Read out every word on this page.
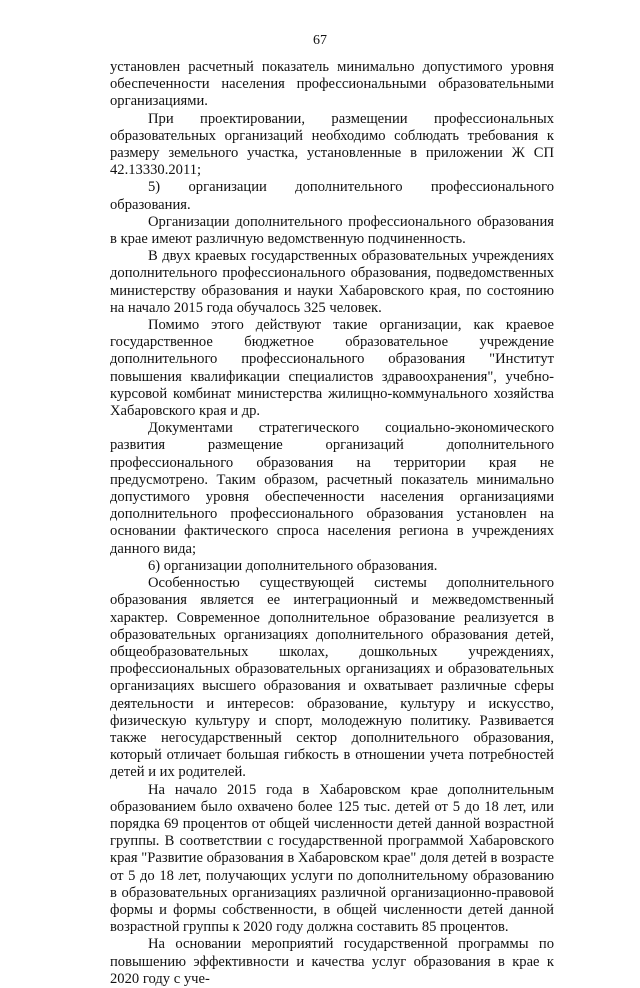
67

установлен расчетный показатель минимально допустимого уровня обеспеченности населения профессиональными образовательными организациями.

При проектировании, размещении профессиональных образовательных организаций необходимо соблюдать требования к размеру земельного участка, установленные в приложении Ж СП 42.13330.2011;

5) организации дополнительного профессионального образования.

Организации дополнительного профессионального образования в крае имеют различную ведомственную подчиненность.

В двух краевых государственных образовательных учреждениях дополнительного профессионального образования, подведомственных министерству образования и науки Хабаровского края, по состоянию на начало 2015 года обучалось 325 человек.

Помимо этого действуют такие организации, как краевое государственное бюджетное образовательное учреждение дополнительного профессионального образования "Институт повышения квалификации специалистов здравоохранения", учебно-курсовой комбинат министерства жилищно-коммунального хозяйства Хабаровского края и др.

Документами стратегического социально-экономического развития размещение организаций дополнительного профессионального образования на территории края не предусмотрено. Таким образом, расчетный показатель минимально допустимого уровня обеспеченности населения организациями дополнительного профессионального образования установлен на основании фактического спроса населения региона в учреждениях данного вида;

6) организации дополнительного образования.

Особенностью существующей системы дополнительного образования является ее интеграционный и межведомственный характер. Современное дополнительное образование реализуется в образовательных организациях дополнительного образования детей, общеобразовательных школах, дошкольных учреждениях, профессиональных образовательных организациях и образовательных организациях высшего образования и охватывает различные сферы деятельности и интересов: образование, культуру и искусство, физическую культуру и спорт, молодежную политику. Развивается также негосударственный сектор дополнительного образования, который отличает большая гибкость в отношении учета потребностей детей и их родителей.

На начало 2015 года в Хабаровском крае дополнительным образованием было охвачено более 125 тыс. детей от 5 до 18 лет, или порядка 69 процентов от общей численности детей данной возрастной группы. В соответствии с государственной программой Хабаровского края "Развитие образования в Хабаровском крае" доля детей в возрасте от 5 до 18 лет, получающих услуги по дополнительному образованию в образовательных организациях различной организационно-правовой формы и формы собственности, в общей численности детей данной возрастной группы к 2020 году должна составить 85 процентов.

На основании мероприятий государственной программы по повышению эффективности и качества услуг образования в крае к 2020 году с уче-
